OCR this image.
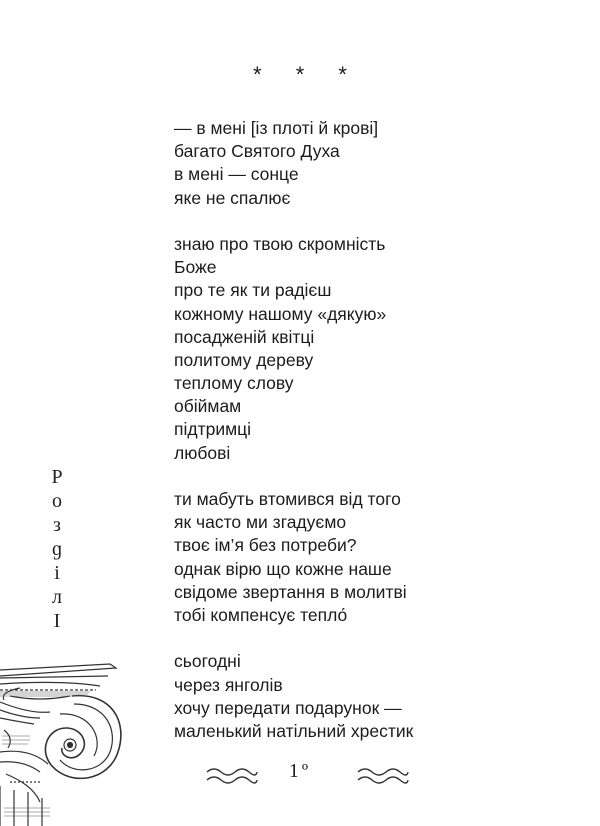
* * *
— в мені [із плоті й крові]
багато Святого Духа
в мені — сонце
яке не спалює
знаю про твою скромність
Боже
про те як ти радієш
кожному нашому «дякую»
посадженій квітці
политому дереву
теплому слову
обіймам
підтримці
любові
ти мабуть втомився від того
як часто ми згадуємо
твоє ім’я без потреби?
однак вірю що кожне наше
свідоме звертання в молитві
тобі компенсує тепло́
сьогодні
через янголів
хочу передати подарунок —
маленький натільний хрестик
Р
о
з
ɡ
і
л
I
1º
